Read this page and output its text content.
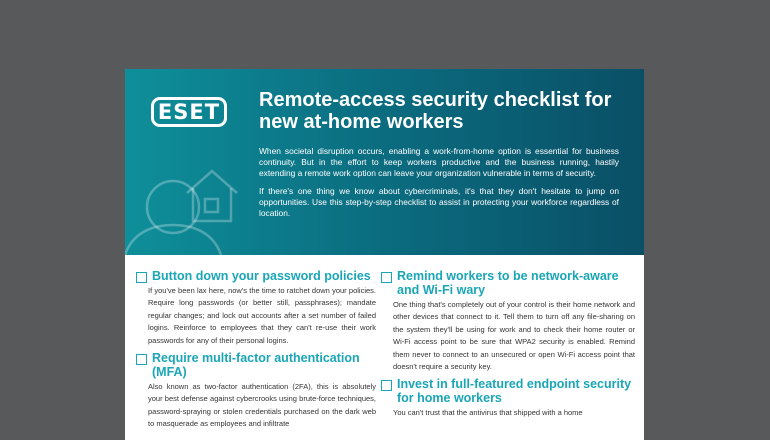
ESET	Remote-access security checklist for new at-home workers

When societal disruption occurs, enabling a work-from-home option is essential for business continuity. But in the effort to keep workers productive and the business running, hastily extending a remote work option can leave your organization vulnerable in terms of security.

If there's one thing we know about cybercriminals, it's that they don't hesitate to jump on opportunities. Use this step-by-step checklist to assist in protecting your workforce regardless of location.

Button down your password policies
If you've been lax here, now's the time to ratchet down your policies. Require long passwords (or better still, passphrases); mandate regular changes; and lock out accounts after a set number of failed logins. Reinforce to employees that they can't re-use their work passwords for any of their personal logins.
Require multi-factor authentication (MFA)
Also known as two-factor authentication (2FA), this is absolutely your best defense against cybercrooks using brute-force techniques, password-spraying or stolen credentials purchased on the dark web to masquerade as employees and infiltrate
Remind workers to be network-aware and Wi-Fi wary
One thing that's completely out of your control is their home network and other devices that connect to it. Tell them to turn off any file-sharing on the system they'll be using for work and to check their home router or Wi-Fi access point to be sure that WPA2 security is enabled. Remind them never to connect to an unsecured or open Wi-Fi access point that doesn't require a security key.
Invest in full-featured endpoint security for home workers
You can't trust that the antivirus that shipped with a home
